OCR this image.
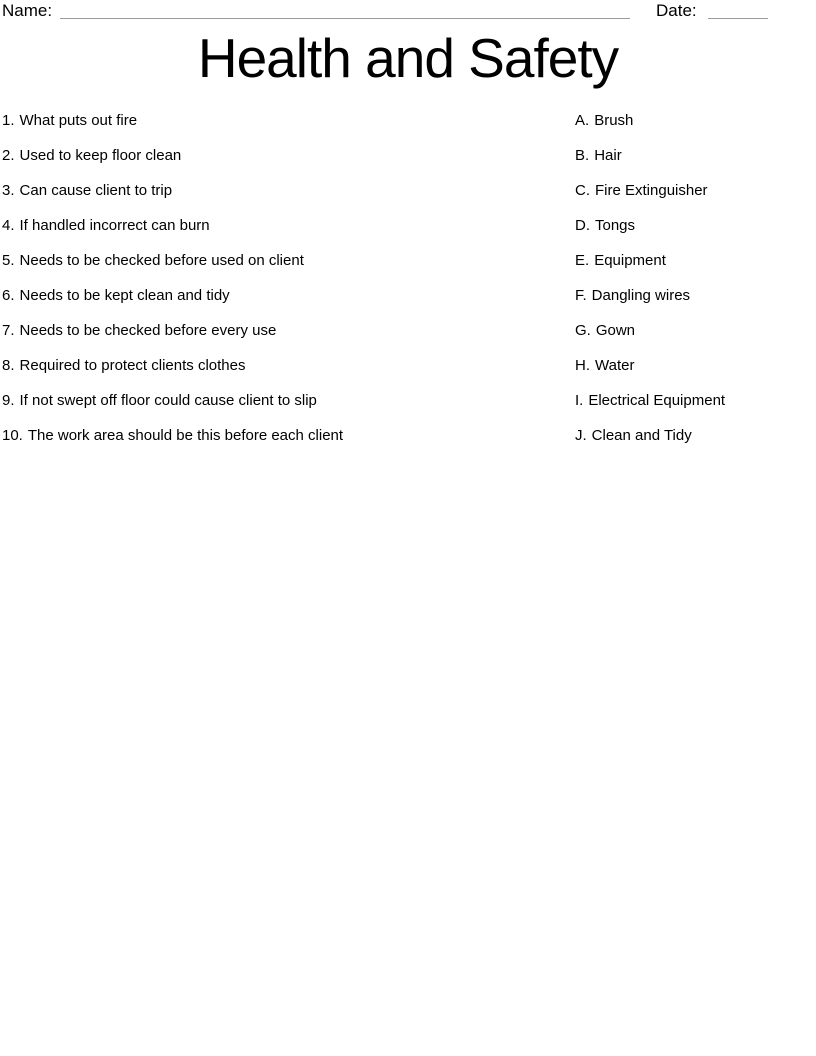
Name:	Date:
Health and Safety
1. What puts out fire
2. Used to keep floor clean
3. Can cause client to trip
4. If handled incorrect can burn
5. Needs to be checked before used on client
6. Needs to be kept clean and tidy
7. Needs to be checked before every use
8. Required to protect clients clothes
9. If not swept off floor could cause client to slip
10. The work area should be this before each client
A. Brush
B. Hair
C. Fire Extinguisher
D. Tongs
E. Equipment
F. Dangling wires
G. Gown
H. Water
I. Electrical Equipment
J. Clean and Tidy
